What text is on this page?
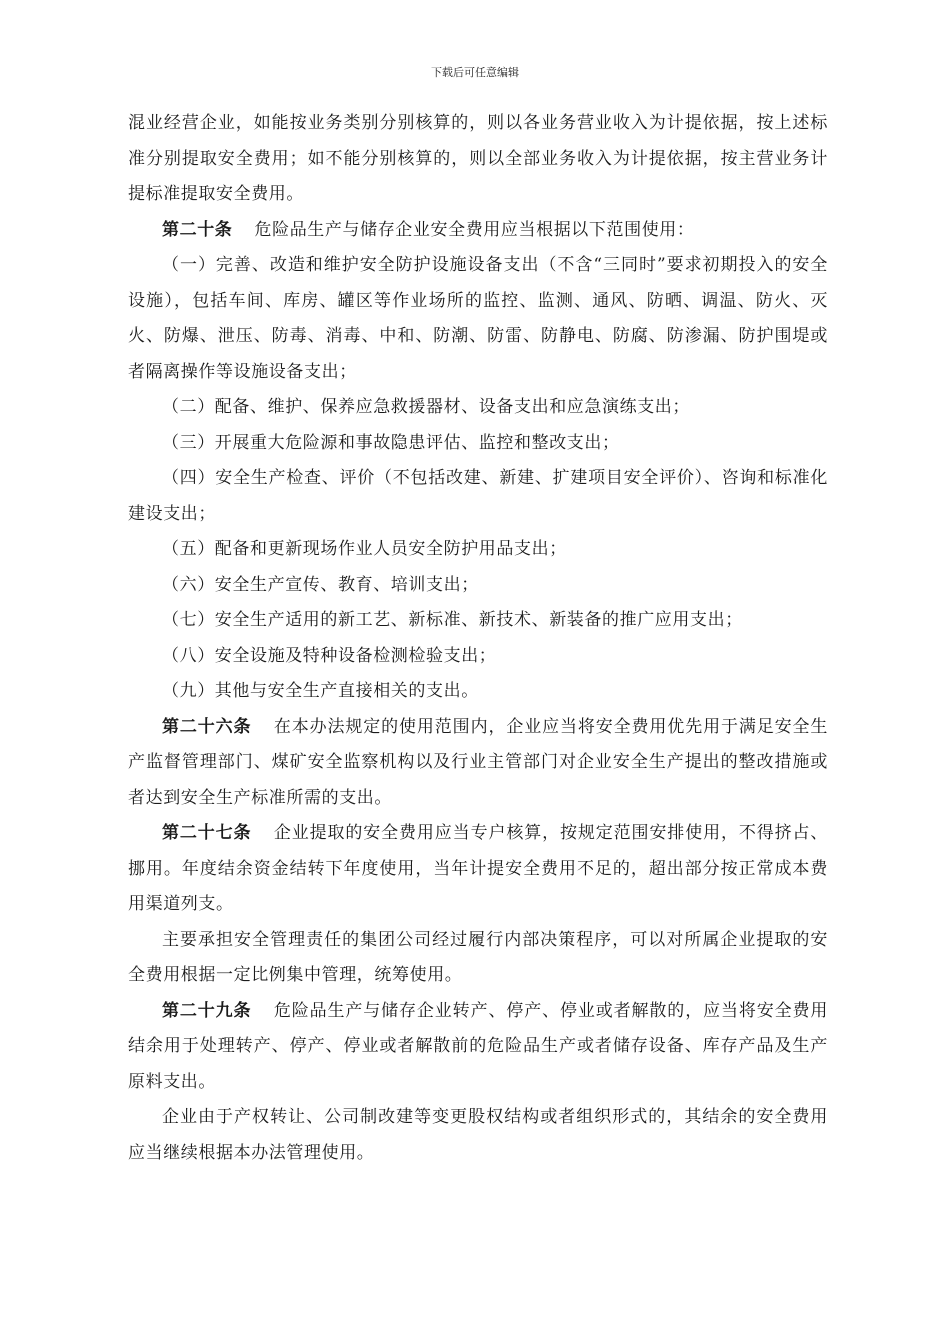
下载后可任意编辑

混业经营企业，如能按业务类别分别核算的，则以各业务营业收入为计提依据，按上述标准分别提取安全费用；如不能分别核算的，则以全部业务收入为计提依据，按主营业务计提标准提取安全费用。

第二十条 危险品生产与储存企业安全费用应当根据以下范围使用：

（一）完善、改造和维护安全防护设施设备支出（不含“三同时”要求初期投入的安全设施），包括车间、库房、罐区等作业场所的监控、监测、通风、防晒、调温、防火、灭火、防爆、泄压、防毒、消毒、中和、防潮、防雷、防静电、防腐、防渗漏、防护围堤或者隔离操作等设施设备支出；

（二）配备、维护、保养应急救援器材、设备支出和应急演练支出；

（三）开展重大危险源和事故隐患评估、监控和整改支出；

（四）安全生产检查、评价（不包括改建、新建、扩建项目安全评价）、咨询和标准化建设支出；

（五）配备和更新现场作业人员安全防护用品支出；

（六）安全生产宣传、教育、培训支出；

（七）安全生产适用的新工艺、新标准、新技术、新装备的推广应用支出；

（八）安全设施及特种设备检测检验支出；

（九）其他与安全生产直接相关的支出。

第二十六条 在本办法规定的使用范围内，企业应当将安全费用优先用于满足安全生产监督管理部门、煤矿安全监察机构以及行业主管部门对企业安全生产提出的整改措施或者达到安全生产标准所需的支出。

第二十七条 企业提取的安全费用应当专户核算，按规定范围安排使用，不得挤占、挪用。年度结余资金结转下年度使用，当年计提安全费用不足的，超出部分按正常成本费用渠道列支。

主要承担安全管理责任的集团公司经过履行内部决策程序，可以对所属企业提取的安全费用根据一定比例集中管理，统筹使用。

第二十九条 危险品生产与储存企业转产、停产、停业或者解散的，应当将安全费用结余用于处理转产、停产、停业或者解散前的危险品生产或者储存设备、库存产品及生产原料支出。

企业由于产权转让、公司制改建等变更股权结构或者组织形式的，其结余的安全费用应当继续根据本办法管理使用。
